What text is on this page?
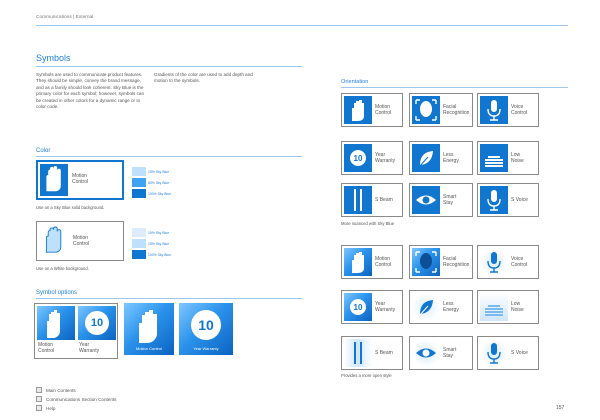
Communications | External
Symbols
Symbols are used to communicate product features. They should be simple, convey the brand message, and as a family should look coherent. Sky Blue is the primary color for each symbol; however, symbols can be created in other colors for a dynamic range or to color code.
Gradients of the color are used to add depth and motion to the symbols.
Color
Motion
Control
Use on a Sky Blue solid background.
15% Sky Blue
80% Sky Blue
100% Sky Blue
Motion
Control
Use on a White background.
15% Sky Blue
15% Sky Blue
100% Sky Blue
Symbol options
10
Motion
Control
Year
Warranty	Motion Control
10
Year Warranty
Orientation
Motion
Control
Facial
Recognition
Voice
Control
10	Year
Warranty
Less
Energy
Low
Noise
S Beam	Smart
Stay	S Voice
More nuanced with Sky Blue
Motion
Control
Facial
Recognition
Voice
Control
10	Year
Warranty
Less
Energy
Low
Noise
S Beam	Smart
Stay	S Voice
Provides a more open style
Main Contents
Communications Section Contents
Help	157
